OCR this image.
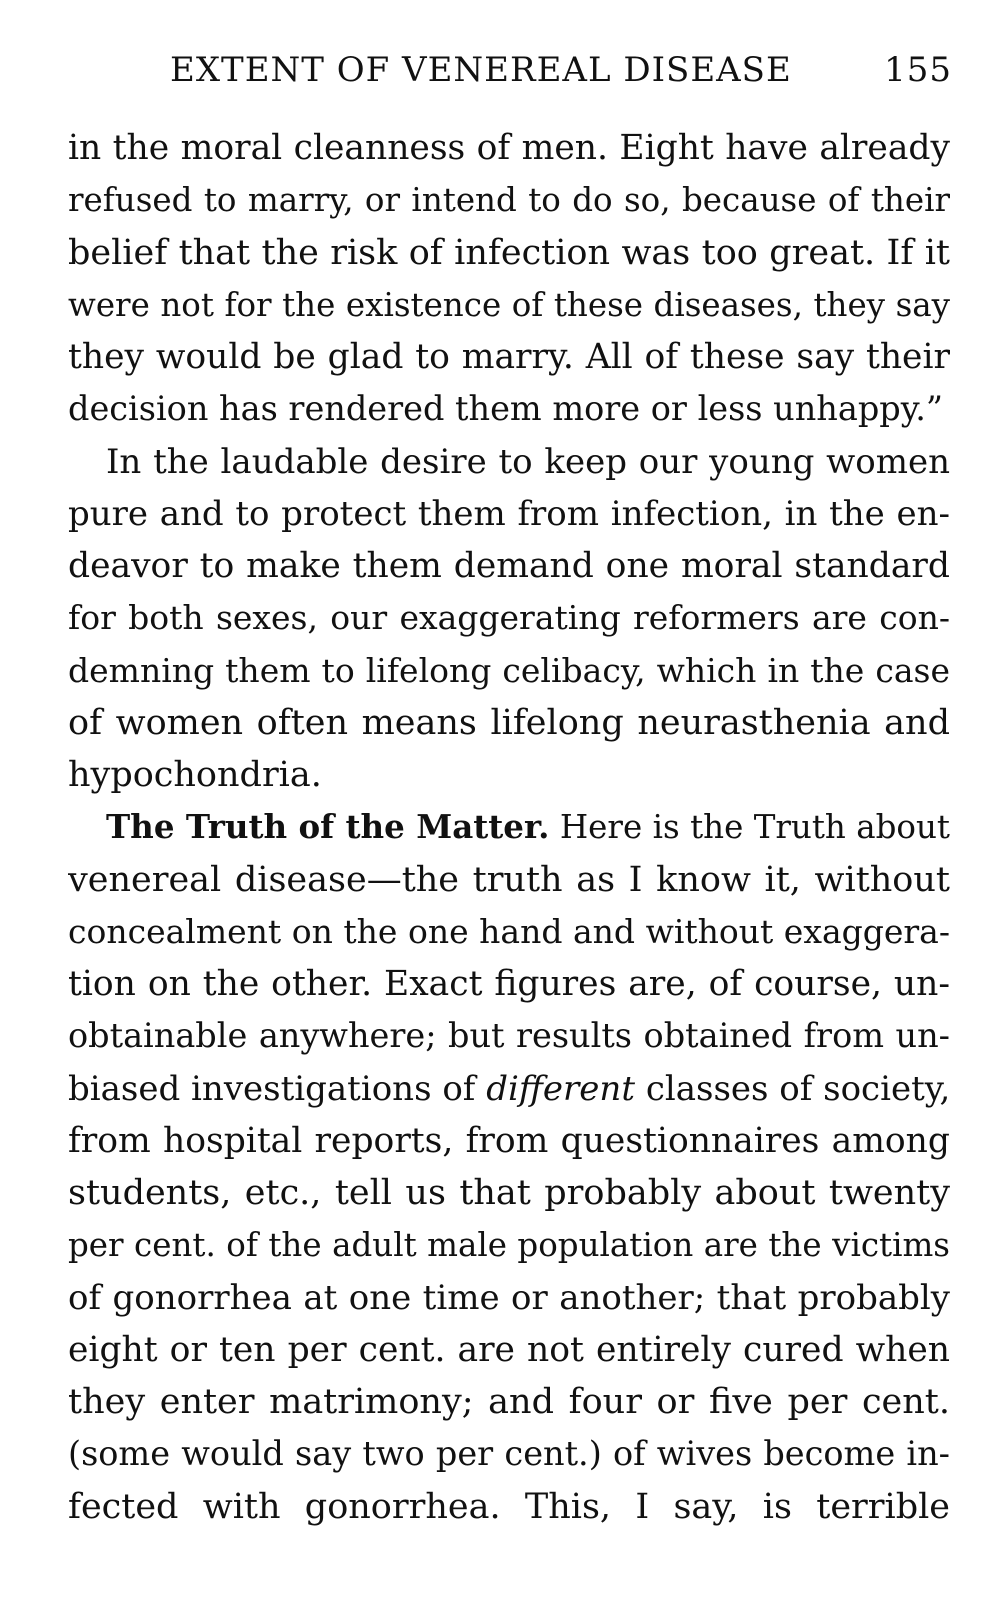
EXTENT OF VENEREAL DISEASE	155
in the moral cleanness of men. Eight have already
refused to marry, or intend to do so, because of their
belief that the risk of infection was too great. If it
were not for the existence of these diseases, they say
they would be glad to marry. All of these say their
decision has rendered them more or less unhappy.”
In the laudable desire to keep our young women
pure and to protect them from infection, in the en-
deavor to make them demand one moral standard
for both sexes, our exaggerating reformers are con-
demning them to lifelong celibacy, which in the case
of women often means lifelong neurasthenia and
hypochondria.
The Truth of the Matter. Here is the Truth about
venereal disease—the truth as I know it, without
concealment on the one hand and without exaggera-
tion on the other. Exact figures are, of course, un-
obtainable anywhere; but results obtained from un-
biased investigations of different classes of society,
from hospital reports, from questionnaires among
students, etc., tell us that probably about twenty
per cent. of the adult male population are the victims
of gonorrhea at one time or another; that probably
eight or ten per cent. are not entirely cured when
they enter matrimony; and four or five per cent.
(some would say two per cent.) of wives become in-
fected with gonorrhea. This, I say, is terrible
